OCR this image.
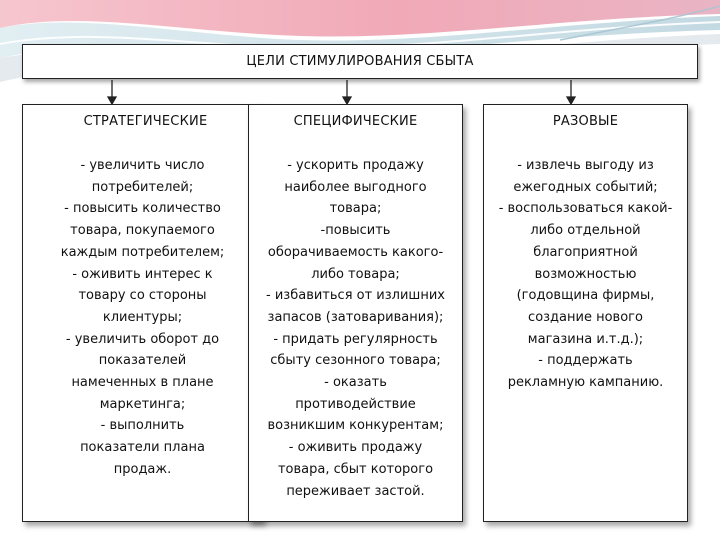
ЦЕЛИ СТИМУЛИРОВАНИЯ СБЫТА
СТРАТЕГИЧЕСКИЕ
- увеличить число
потребителей;
- повысить количество
товара, покупаемого
каждым потребителем;
- оживить интерес к
товару со стороны
клиентуры;
- увеличить оборот до
показателей
намеченных в плане
маркетинга;
- выполнить
показатели плана
продаж.
СПЕЦИФИЧЕСКИЕ
- ускорить продажу
наиболее выгодного
товара;
-повысить
оборачиваемость какого-
либо товара;
- избавиться от излишних
запасов (затоваривания);
- придать регулярность
сбыту сезонного товара;
- оказать
противодействие
возникшим конкурентам;
- оживить продажу
товара, сбыт которого
переживает застой.
РАЗОВЫЕ
- извлечь выгоду из
ежегодных событий;
- воспользоваться какой-
либо отдельной
благоприятной
возможностью
(годовщина фирмы,
создание нового
магазина и.т.д.);
- поддержать
рекламную кампанию.
